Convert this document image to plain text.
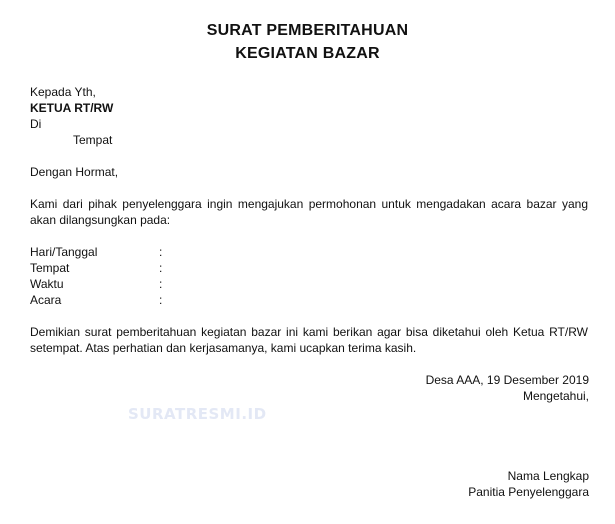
SURAT PEMBERITAHUAN
KEGIATAN BAZAR
Kepada Yth,
KETUA RT/RW
Di
Tempat
Dengan Hormat,
Kami dari pihak penyelenggara ingin mengajukan permohonan untuk mengadakan acara bazar yang akan dilangsungkan pada:
Hari/Tanggal	:
Tempat	:
Waktu	:
Acara	:
Demikian surat pemberitahuan kegiatan bazar ini kami berikan agar bisa diketahui oleh Ketua RT/RW setempat. Atas perhatian dan kerjasamanya, kami ucapkan terima kasih.
Desa AAA, 19 Desember 2019
Mengetahui,
SURATRESMI.ID
Nama Lengkap
Panitia Penyelenggara
